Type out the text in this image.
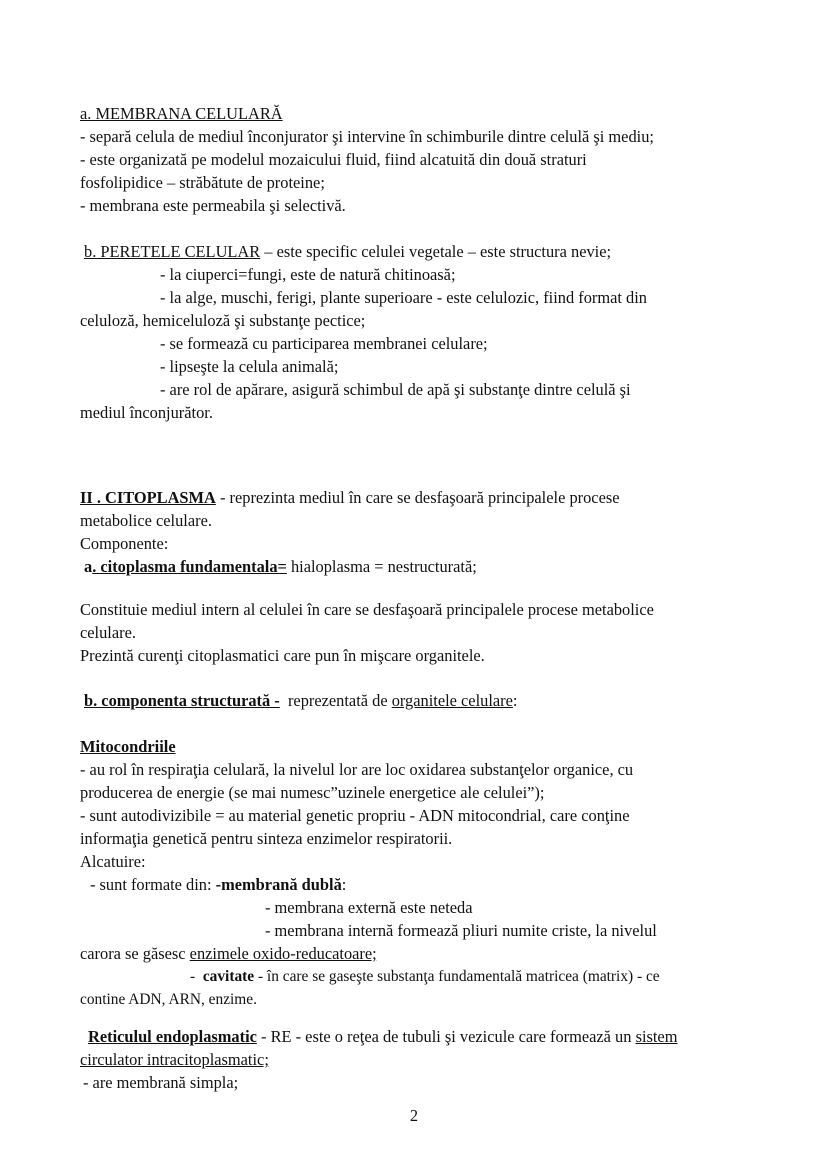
a. MEMBRANA CELULARĂ
- separă celula de mediul înconjurator şi intervine în schimburile dintre celulă şi mediu;
- este organizată pe modelul mozaicului fluid, fiind alcatuită din două straturi
fosfolipidice – străbătute de proteine;
- membrana este permeabila şi selectivă.
b. PERETELE CELULAR – este specific celulei vegetale – este structura nevie;
- la ciuperci=fungi, este de natură chitinoasă;
- la alge, muschi, ferigi, plante superioare - este celulozic, fiind format din
celuloză, hemiceluloză şi substanţe pectice;
- se formează cu participarea membranei celulare;
- lipseşte la celula animală;
- are rol de apărare, asigură schimbul de apă şi substanţe dintre celulă şi
mediul înconjurător.
II . CITOPLASMA - reprezinta mediul în care se desfaşoară principalele procese
metabolice celulare.
Componente:
a. citoplasma fundamentala= hialoplasma = nestructurată;
Constituie mediul intern al celulei în care se desfaşoară principalele procese metabolice
celulare.
Prezintă curenţi citoplasmatici care pun în mişcare organitele.
b. componenta structurată -  reprezentată de organitele celulare:
Mitocondriile
- au rol în respiraţia celulară, la nivelul lor are loc oxidarea substanţelor organice, cu
producerea de energie (se mai numesc”uzinele energetice ale celulei”);
- sunt autodivizibile = au material genetic propriu - ADN mitocondrial, care conţine
informaţia genetică pentru sinteza enzimelor respiratorii.
Alcatuire:
- sunt formate din: -membrană dublă:
- membrana externă este neteda
- membrana internă formează pliuri numite criste, la nivelul
carora se găsesc enzimele oxido-reducatoare;
-  cavitate - în care se gaseşte substanţa fundamentală matricea (matrix) - ce
contine ADN, ARN, enzime.
Reticulul endoplasmatic - RE - este o reţea de tubuli şi vezicule care formează un sistem
circulator intracitoplasmatic;
- are membrană simpla;
2
